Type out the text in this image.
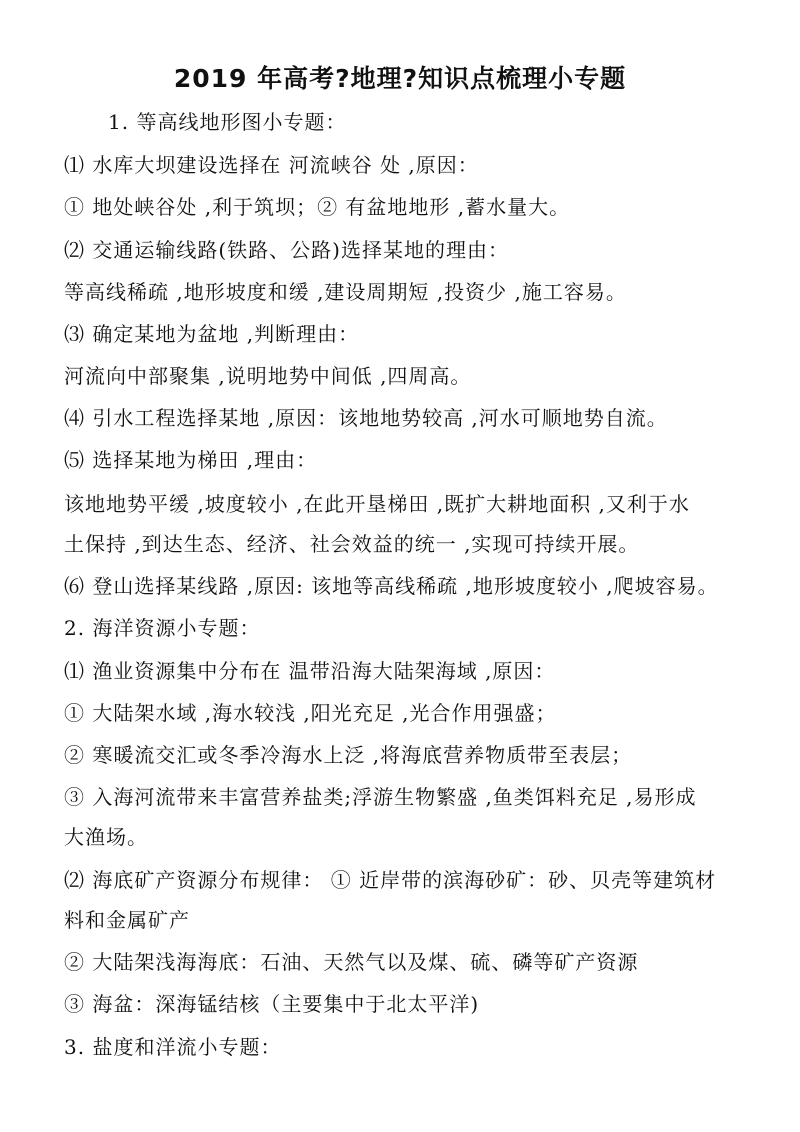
2019 年高考?地理?知识点梳理小专题
1. 等高线地形图小专题：
⑴ 水库大坝建设选择在 河流峡谷 处 ,原因：
① 地处峡谷处 ,利于筑坝；② 有盆地地形 ,蓄水量大。
⑵ 交通运输线路(铁路、公路)选择某地的理由：
等高线稀疏 ,地形坡度和缓 ,建设周期短 ,投资少 ,施工容易。
⑶ 确定某地为盆地 ,判断理由：
河流向中部聚集 ,说明地势中间低 ,四周高。
⑷ 引水工程选择某地 ,原因：该地地势较高 ,河水可顺地势自流。
⑸ 选择某地为梯田 ,理由：
该地地势平缓 ,坡度较小 ,在此开垦梯田 ,既扩大耕地面积 ,又利于水
土保持 ,到达生态、经济、社会效益的统一 ,实现可持续开展。
⑹ 登山选择某线路 ,原因: 该地等高线稀疏 ,地形坡度较小 ,爬坡容易。
2. 海洋资源小专题：
⑴ 渔业资源集中分布在 温带沿海大陆架海域 ,原因：
① 大陆架水域 ,海水较浅 ,阳光充足 ,光合作用强盛；
② 寒暖流交汇或冬季冷海水上泛 ,将海底营养物质带至表层；
③ 入海河流带来丰富营养盐类;浮游生物繁盛 ,鱼类饵料充足 ,易形成
大渔场。
⑵ 海底矿产资源分布规律： ① 近岸带的滨海砂矿：砂、贝壳等建筑材
料和金属矿产
② 大陆架浅海海底：石油、天然气以及煤、硫、磷等矿产资源
③ 海盆：深海锰结核（主要集中于北太平洋)
3. 盐度和洋流小专题：
